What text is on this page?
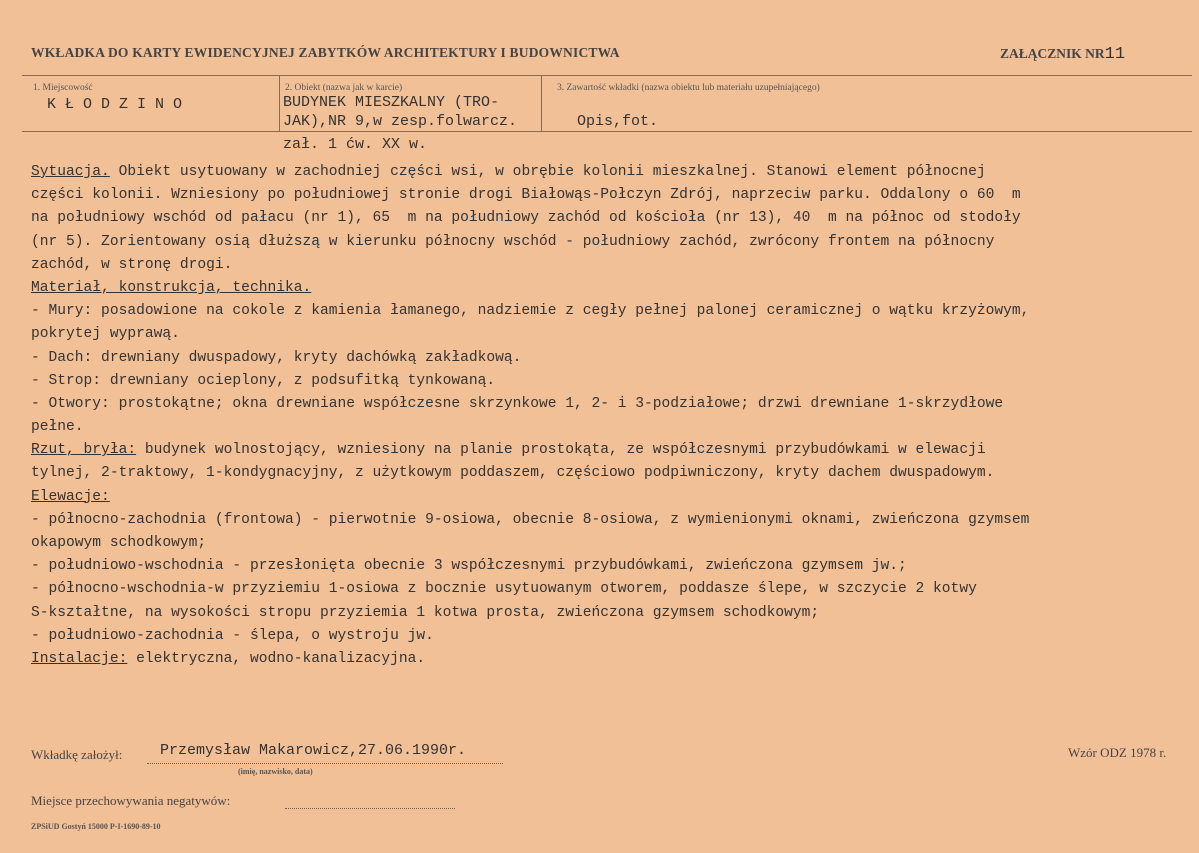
WKŁADKA DO KARTY EWIDENCYJNEJ ZABYTKÓW ARCHITEKTURY I BUDOWNICTWA	ZAŁĄCZNIK NR11
1. Miejscowość
KŁODZINO
2. Obiekt (nazwa jak w karcie)
BUDYNEK MIESZKALNY (TRO-
JAK),NR 9,w zesp.folwarcz.
3. Zawartość wkładki (nazwa obiektu lub materiału uzupełniającego)
Opis,fot.
zał. 1 ćw. XX w.
Sytuacja. Obiekt usytuowany w zachodniej części wsi, w obrębie kolonii mieszkalnej. Stanowi element północnej
części kolonii. Wzniesiony po południowej stronie drogi Białowąs-Połczyn Zdrój, naprzeciw parku. Oddalony o 60  m
na południowy wschód od pałacu (nr 1), 65  m na południowy zachód od kościoła (nr 13), 40  m na północ od stodoły
(nr 5). Zorientowany osią dłuższą w kierunku północny wschód - południowy zachód, zwrócony frontem na północny
zachód, w stronę drogi.
Materiał, konstrukcja, technika.
- Mury: posadowione na cokole z kamienia łamanego, nadziemie z cegły pełnej palonej ceramicznej o wątku krzyżowym,
pokrytej wyprawą.
- Dach: drewniany dwuspadowy, kryty dachówką zakładkową.
- Strop: drewniany ocieplony, z podsufitką tynkowaną.
- Otwory: prostokątne; okna drewniane współczesne skrzynkowe 1, 2- i 3-podziałowe; drzwi drewniane 1-skrzydłowe
pełne.
Rzut, bryła: budynek wolnostojący, wzniesiony na planie prostokąta, ze współczesnymi przybudówkami w elewacji
tylnej, 2-traktowy, 1-kondygnacyjny, z użytkowym poddaszem, częściowo podpiwniczony, kryty dachem dwuspadowym.
Elewacje:
- północno-zachodnia (frontowa) - pierwotnie 9-osiowa, obecnie 8-osiowa, z wymienionymi oknami, zwieńczona gzymsem
okapowym schodkowym;
- południowo-wschodnia - przesłonięta obecnie 3 współczesnymi przybudówkami, zwieńczona gzymsem jw.;
- północno-wschodnia-w przyziemiu 1-osiowa z bocznie usytuowanym otworem, poddasze ślepe, w szczycie 2 kotwy
S-kształtne, na wysokości stropu przyziemia 1 kotwa prosta, zwieńczona gzymsem schodkowym;
- południowo-zachodnia - ślepa, o wystroju jw.
Instalacje: elektryczna, wodno-kanalizacyjna.
Wkładkę założył:	Przemysław Makarowicz,27.06.1990r.
(imię, nazwisko, data)
Wzór ODZ 1978 r.
Miejsce przechowywania negatywów:
ZPSiUD Gostyń 15000 P-I-1690-89-10
